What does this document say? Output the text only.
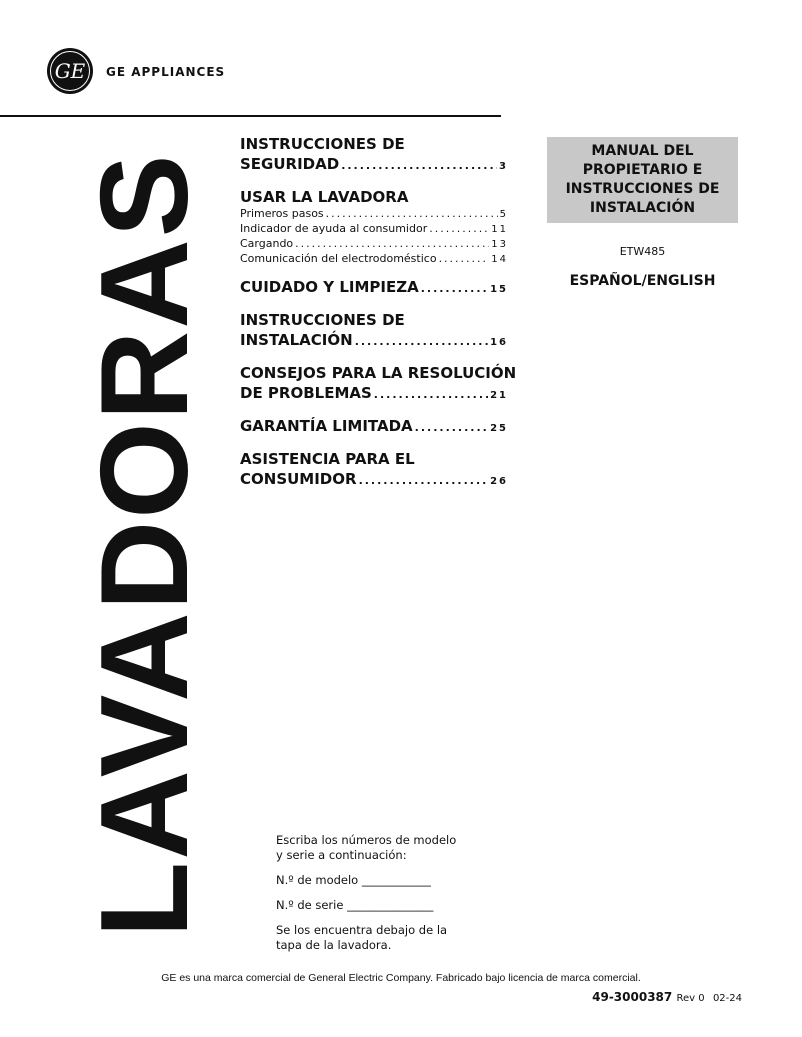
GE	GE APPLIANCES
LAVADORAS
INSTRUCCIONES DE
SEGURIDAD .....	3
USAR LA LAVADORA
Primeros pasos .....	5
Indicador de ayuda al consumidor .....	11
Cargando .....	13
Comunicación del electrodoméstico .....	14
CUIDADO Y LIMPIEZA .....	15
INSTRUCCIONES DE
INSTALACIÓN .....	16
CONSEJOS PARA LA RESOLUCIÓN
DE PROBLEMAS .....	21
GARANTÍA LIMITADA .....	25
ASISTENCIA PARA EL
CONSUMIDOR .....	26
MANUAL DEL PROPIETARIO E INSTRUCCIONES DE INSTALACIÓN
ETW485
ESPAÑOL/ENGLISH

Escriba los números de modelo y serie a continuación:

N.º de modelo ____________

N.º de serie _______________

Se los encuentra debajo de la tapa de la lavadora.

GE es una marca comercial de General Electric Company. Fabricado bajo licencia de marca comercial.
49-3000387 Rev 0 02-24
